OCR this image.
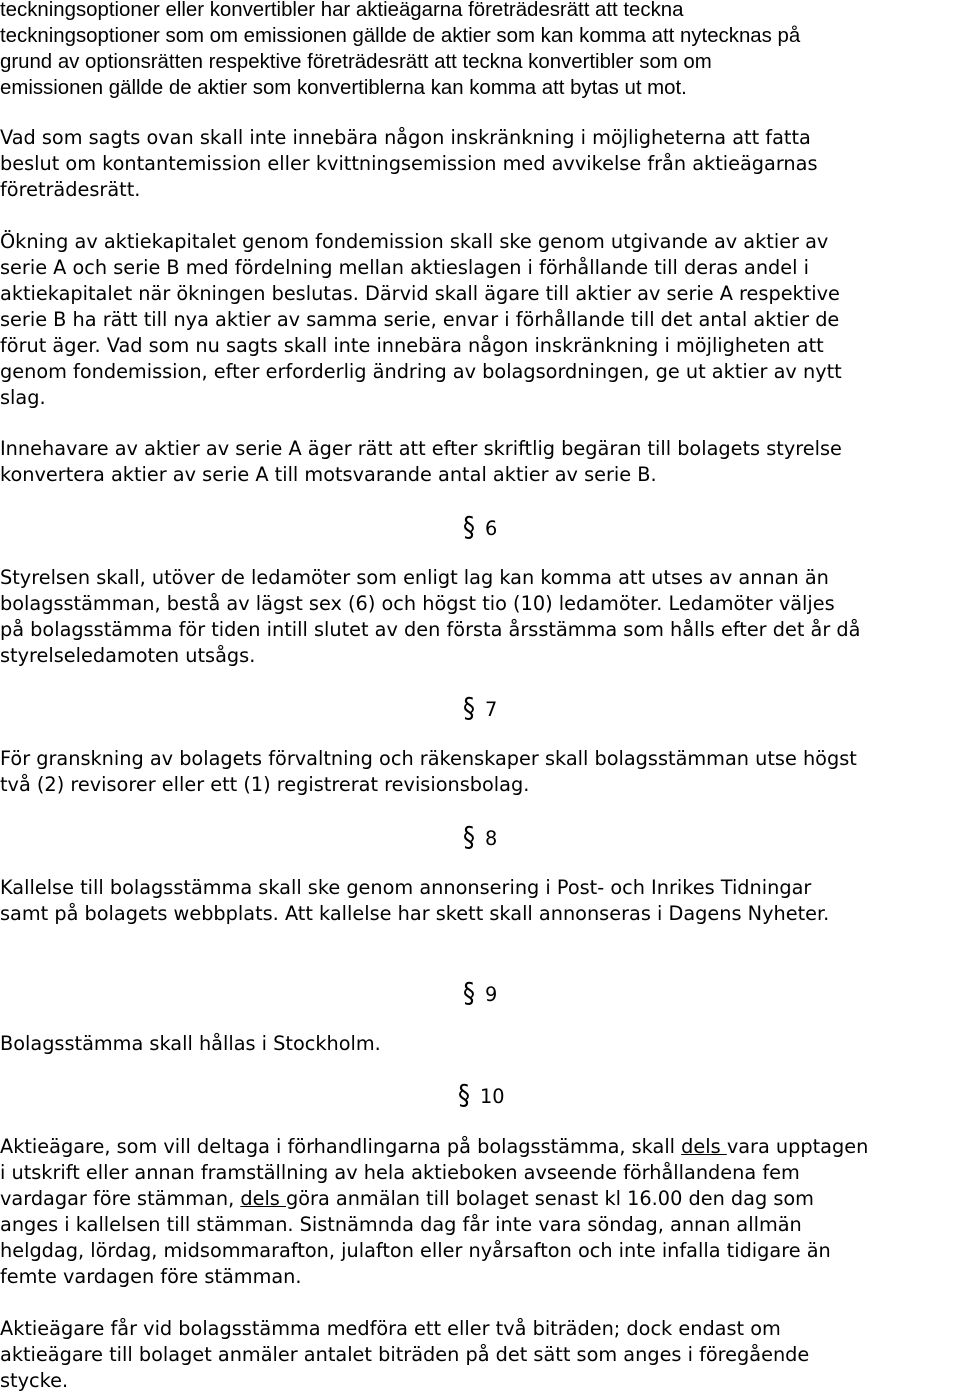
teckningsoptioner eller konvertibler har aktieägarna företrädesrätt att teckna
teckningsoptioner som om emissionen gällde de aktier som kan komma att nytecknas på
grund av optionsrätten respektive företrädesrätt att teckna konvertibler som om
emissionen gällde de aktier som konvertiblerna kan komma att bytas ut mot.
Vad som sagts ovan skall inte innebära någon inskränkning i möjligheterna att fatta
beslut om kontantemission eller kvittningsemission med avvikelse från aktieägarnas
företrädesrätt.
Ökning av aktiekapitalet genom fondemission skall ske genom utgivande av aktier av
serie A och serie B med fördelning mellan aktieslagen i förhållande till deras andel i
aktiekapitalet när ökningen beslutas. Därvid skall ägare till aktier av serie A respektive
serie B ha rätt till nya aktier av samma serie, envar i förhållande till det antal aktier de
förut äger. Vad som nu sagts skall inte innebära någon inskränkning i möjligheten att
genom fondemission, efter erforderlig ändring av bolagsordningen, ge ut aktier av nytt
slag.
Innehavare av aktier av serie A äger rätt att efter skriftlig begäran till bolagets styrelse
konvertera aktier av serie A till motsvarande antal aktier av serie B.
§ 6
Styrelsen skall, utöver de ledamöter som enligt lag kan komma att utses av annan än
bolagsstämman, bestå av lägst sex (6) och högst tio (10) ledamöter. Ledamöter väljes
på bolagsstämma för tiden intill slutet av den första årsstämma som hålls efter det år då
styrelseledamoten utsågs.
§ 7
För granskning av bolagets förvaltning och räkenskaper skall bolagsstämman utse högst
två (2) revisorer eller ett (1) registrerat revisionsbolag.
§ 8
Kallelse till bolagsstämma skall ske genom annonsering i Post- och Inrikes Tidningar
samt på bolagets webbplats. Att kallelse har skett skall annonseras i Dagens Nyheter.
§ 9
Bolagsstämma skall hållas i Stockholm.
§ 10
Aktieägare, som vill deltaga i förhandlingarna på bolagsstämma, skall dels vara upptagen
i utskrift eller annan framställning av hela aktieboken avseende förhållandena fem
vardagar före stämman, dels göra anmälan till bolaget senast kl 16.00 den dag som
anges i kallelsen till stämman. Sistnämnda dag får inte vara söndag, annan allmän
helgdag, lördag, midsommarafton, julafton eller nyårsafton och inte infalla tidigare än
femte vardagen före stämman.
Aktieägare får vid bolagsstämma medföra ett eller två biträden; dock endast om
aktieägare till bolaget anmäler antalet biträden på det sätt som anges i föregående
stycke.
